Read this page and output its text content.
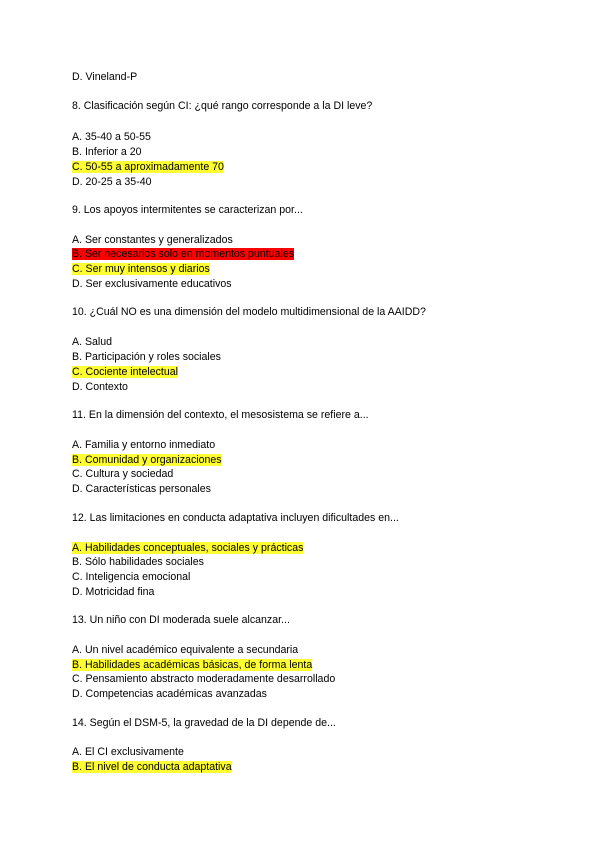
D. Vineland-P
8. Clasificación según CI: ¿qué rango corresponde a la DI leve?
A. 35-40 a 50-55
B. Inferior a 20
C. 50-55 a aproximadamente 70
D. 20-25 a 35-40
9. Los apoyos intermitentes se caracterizan por...
A. Ser constantes y generalizados
B. Ser necesarios solo en momentos puntuales
C. Ser muy intensos y diarios
D. Ser exclusivamente educativos
10. ¿Cuál NO es una dimensión del modelo multidimensional de la AAIDD?
A. Salud
B. Participación y roles sociales
C. Cociente intelectual
D. Contexto
11. En la dimensión del contexto, el mesosistema se refiere a...
A. Familia y entorno inmediato
B. Comunidad y organizaciones
C. Cultura y sociedad
D. Características personales
12. Las limitaciones en conducta adaptativa incluyen dificultades en...
A. Habilidades conceptuales, sociales y prácticas
B. Sólo habilidades sociales
C. Inteligencia emocional
D. Motricidad fina
13. Un niño con DI moderada suele alcanzar...
A. Un nivel académico equivalente a secundaria
B. Habilidades académicas básicas, de forma lenta
C. Pensamiento abstracto moderadamente desarrollado
D. Competencias académicas avanzadas
14. Según el DSM-5, la gravedad de la DI depende de...
A. El CI exclusivamente
B. El nivel de conducta adaptativa
